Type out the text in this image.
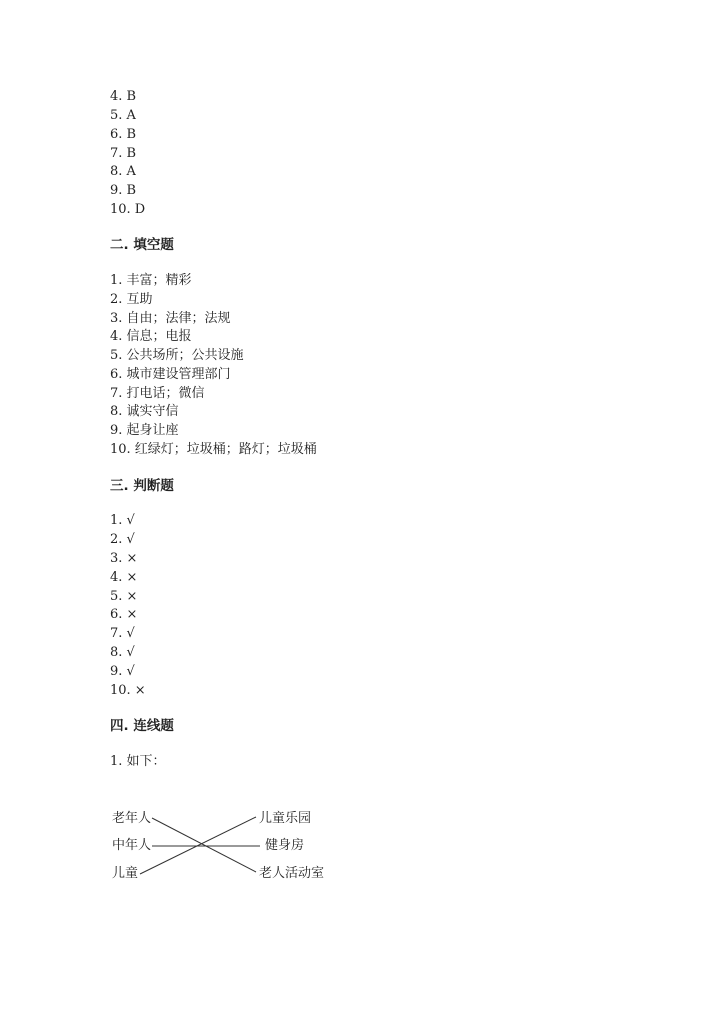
4. B
5. A
6. B
7. B
8. A
9. B
10. D
二. 填空题
1. 丰富；精彩
2. 互助
3. 自由；法律；法规
4. 信息；电报
5. 公共场所；公共设施
6. 城市建设管理部门
7. 打电话；微信
8. 诚实守信
9. 起身让座
10. 红绿灯；垃圾桶；路灯；垃圾桶
三. 判断题
1. √
2. √
3. ×
4. ×
5. ×
6. ×
7. √
8. √
9. √
10. ×
四. 连线题
1. 如下：
老年人
中年人
儿童
儿童乐园
健身房
老人活动室
